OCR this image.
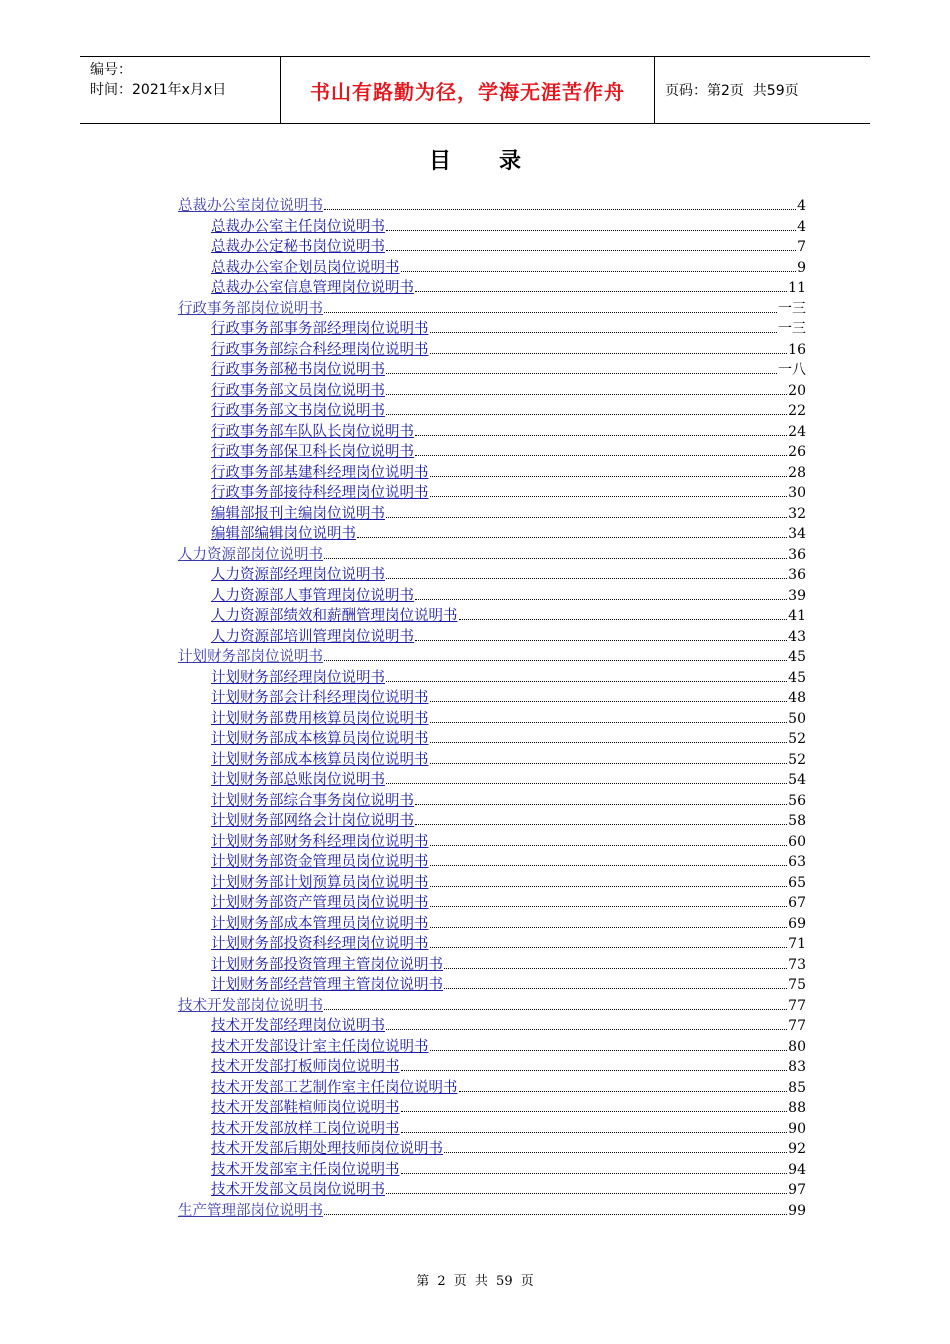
编号：
时间：2021年x月x日	书山有路勤为径，学海无涯苦作舟	页码：第2页  共59页
目录
总裁办公室岗位说明书	4
总裁办公室主任岗位说明书	4
总裁办公定秘书岗位说明书	7
总裁办公室企划员岗位说明书	9
总裁办公室信息管理岗位说明书	11
行政事务部岗位说明书	一三
行政事务部事务部经理岗位说明书	一三
行政事务部综合科经理岗位说明书	16
行政事务部秘书岗位说明书	一八
行政事务部文员岗位说明书	20
行政事务部文书岗位说明书	22
行政事务部车队队长岗位说明书	24
行政事务部保卫科长岗位说明书	26
行政事务部基建科经理岗位说明书	28
行政事务部接待科经理岗位说明书	30
编辑部报刊主编岗位说明书	32
编辑部编辑岗位说明书	34
人力资源部岗位说明书	36
人力资源部经理岗位说明书	36
人力资源部人事管理岗位说明书	39
人力资源部绩效和薪酬管理岗位说明书	41
人力资源部培训管理岗位说明书	43
计划财务部岗位说明书	45
计划财务部经理岗位说明书	45
计划财务部会计科经理岗位说明书	48
计划财务部费用核算员岗位说明书	50
计划财务部成本核算员岗位说明书	52
计划财务部成本核算员岗位说明书	52
计划财务部总账岗位说明书	54
计划财务部综合事务岗位说明书	56
计划财务部网络会计岗位说明书	58
计划财务部财务科经理岗位说明书	60
计划财务部资金管理员岗位说明书	63
计划财务部计划预算员岗位说明书	65
计划财务部资产管理员岗位说明书	67
计划财务部成本管理员岗位说明书	69
计划财务部投资科经理岗位说明书	71
计划财务部投资管理主管岗位说明书	73
计划财务部经营管理主管岗位说明书	75
技术开发部岗位说明书	77
技术开发部经理岗位说明书	77
技术开发部设计室主任岗位说明书	80
技术开发部打板师岗位说明书	83
技术开发部工艺制作室主任岗位说明书	85
技术开发部鞋楦师岗位说明书	88
技术开发部放样工岗位说明书	90
技术开发部后期处理技师岗位说明书	92
技术开发部室主任岗位说明书	94
技术开发部文员岗位说明书	97
生产管理部岗位说明书	99
第 2 页 共 59 页
